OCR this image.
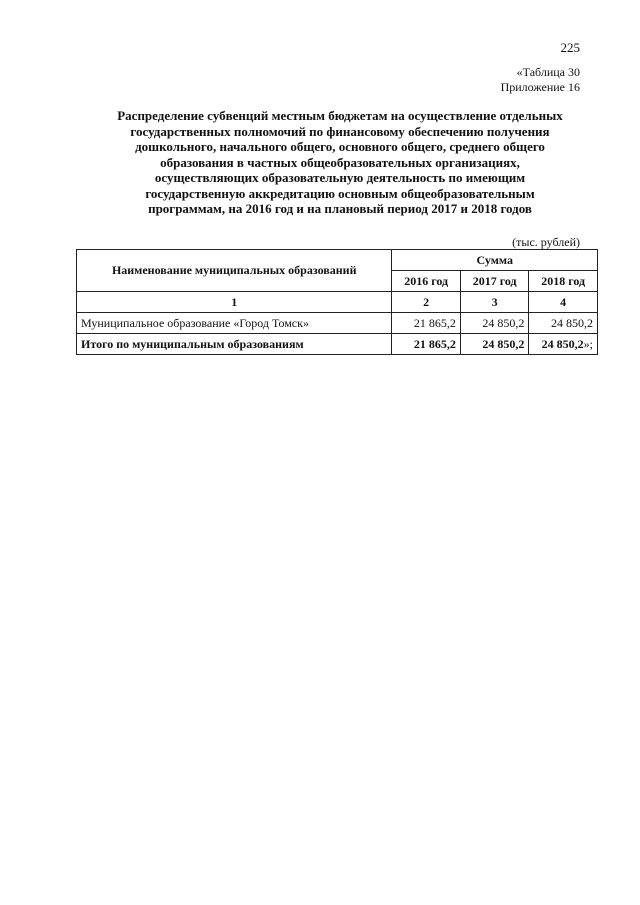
225
«Таблица 30
Приложение 16
Распределение субвенций местным бюджетам на осуществление отдельных
государственных полномочий по финансовому обеспечению получения
дошкольного, начального общего, основного общего, среднего общего
образования в частных общеобразовательных организациях,
осуществляющих образовательную деятельность по имеющим
государственную аккредитацию основным общеобразовательным
программам, на 2016 год и на плановый период 2017 и 2018 годов
(тыс. рублей)
Наименование муниципальных образований	Сумма		
	2016 год	2017 год	2018 год
1	2	3	4
Муниципальное образование «Город Томск»	21 865,2	24 850,2	24 850,2
Итого по муниципальным образованиям	21 865,2	24 850,2	24 850,2»;
